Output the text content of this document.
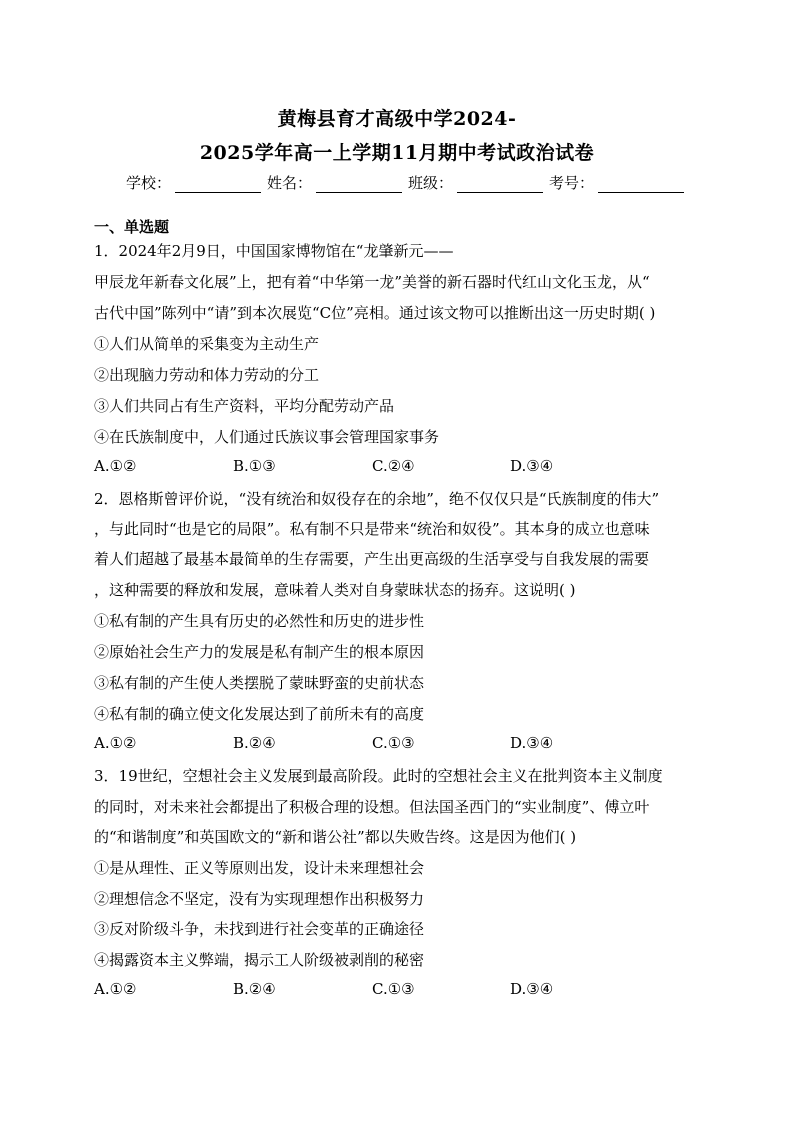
黄梅县育才高级中学2024-
2025学年高一上学期11月期中考试政治试卷
学校：	姓名：	班级：	考号：
一、单选题
1．2024年2月9日，中国国家博物馆在“龙肇新元——
甲辰龙年新春文化展”上，把有着“中华第一龙”美誉的新石器时代红山文化玉龙，从“
古代中国”陈列中“请”到本次展览“C位”亮相。通过该文物可以推断出这一历史时期( )
①人们从简单的采集变为主动生产
②出现脑力劳动和体力劳动的分工
③人们共同占有生产资料，平均分配劳动产品
④在氏族制度中，人们通过氏族议事会管理国家事务
A.①②	B.①③	C.②④	D.③④
2．恩格斯曾评价说，“没有统治和奴役存在的余地”，绝不仅仅只是“氏族制度的伟大”
，与此同时“也是它的局限”。私有制不只是带来“统治和奴役”。其本身的成立也意味
着人们超越了最基本最简单的生存需要，产生出更高级的生活享受与自我发展的需要
，这种需要的释放和发展，意味着人类对自身蒙昧状态的扬弃。这说明( )
①私有制的产生具有历史的必然性和历史的进步性
②原始社会生产力的发展是私有制产生的根本原因
③私有制的产生使人类摆脱了蒙昧野蛮的史前状态
④私有制的确立使文化发展达到了前所未有的高度
A.①②	B.②④	C.①③	D.③④
3．19世纪，空想社会主义发展到最高阶段。此时的空想社会主义在批判资本主义制度
的同时，对未来社会都提出了积极合理的设想。但法国圣西门的“实业制度”、傅立叶
的“和谐制度”和英国欧文的“新和谐公社”都以失败告终。这是因为他们( )
①是从理性、正义等原则出发，设计未来理想社会
②理想信念不坚定，没有为实现理想作出积极努力
③反对阶级斗争，未找到进行社会变革的正确途径
④揭露资本主义弊端，揭示工人阶级被剥削的秘密
A.①②	B.②④	C.①③	D.③④
